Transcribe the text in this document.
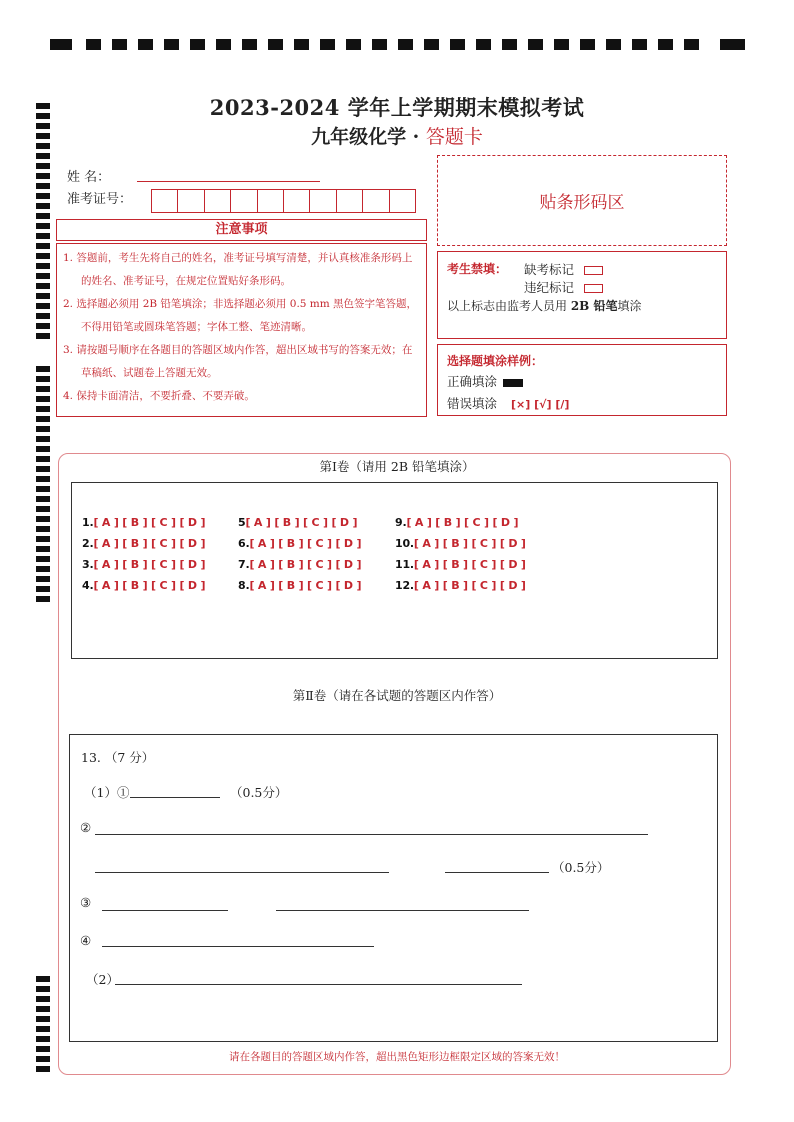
2023-2024 学年上学期期末模拟考试
九年级化学 · 答题卡
姓 名：
准考证号：	贴条形码区
注意事项

1. 答题前，考生先将自己的姓名，准考证号填写清楚，并认真核准条形码上的姓名、准考证号，在规定位置贴好条形码。

2. 选择题必须用 2B 铅笔填涂；非选择题必须用 0.5 mm 黑色签字笔答题，不得用铅笔或圆珠笔答题；字体工整、笔迹清晰。

3. 请按题号顺序在各题目的答题区域内作答，超出区域书写的答案无效；在草稿纸、试题卷上答题无效。

4. 保持卡面清洁，不要折叠、不要弄破。

考生禁填： 缺考标记
违纪标记
以上标志由监考人员用 2B 铅笔填涂
选择题填涂样例：
正确填涂
错误填涂 [×] [√] [/]
第Ⅰ卷（请用 2B 铅笔填涂）
1.[ A ] [ B ] [ C ] [ D ]
2.[ A ] [ B ] [ C ] [ D ]
3.[ A ] [ B ] [ C ] [ D ]
4.[ A ] [ B ] [ C ] [ D ]
5[ A ] [ B ] [ C ] [ D ]
6.[ A ] [ B ] [ C ] [ D ]
7.[ A ] [ B ] [ C ] [ D ]
8.[ A ] [ B ] [ C ] [ D ]
9.[ A ] [ B ] [ C ] [ D ]
10.[ A ] [ B ] [ C ] [ D ]
11.[ A ] [ B ] [ C ] [ D ]
12.[ A ] [ B ] [ C ] [ D ]
第Ⅱ卷（请在各试题的答题区内作答）
13. （7 分）
（1）①	（0.5分）
②
（0.5分）
③
④
（2）
请在各题目的答题区域内作答，超出黑色矩形边框限定区域的答案无效！
